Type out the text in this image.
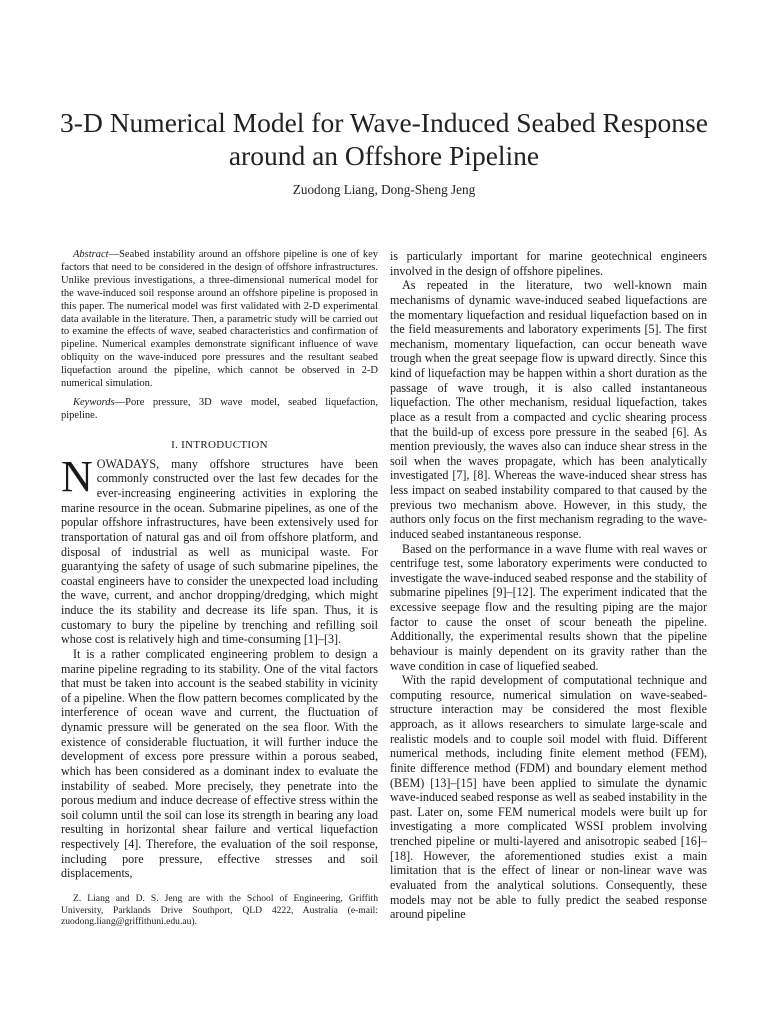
3-D Numerical Model for Wave-Induced Seabed Response around an Offshore Pipeline
Zuodong Liang, Dong-Sheng Jeng

Abstract—Seabed instability around an offshore pipeline is one of key factors that need to be considered in the design of offshore infrastructures. Unlike previous investigations, a three-dimensional numerical model for the wave-induced soil response around an offshore pipeline is proposed in this paper. The numerical model was first validated with 2-D experimental data available in the literature. Then, a parametric study will be carried out to examine the effects of wave, seabed characteristics and confirmation of pipeline. Numerical examples demonstrate significant influence of wave obliquity on the wave-induced pore pressures and the resultant seabed liquefaction around the pipeline, which cannot be observed in 2-D numerical simulation.

Keywords—Pore pressure, 3D wave model, seabed liquefaction, pipeline.

I. INTRODUCTION

NOWADAYS, many offshore structures have been commonly constructed over the last few decades for the ever-increasing engineering activities in exploring the marine resource in the ocean. Submarine pipelines, as one of the popular offshore infrastructures, have been extensively used for transportation of natural gas and oil from offshore platform, and disposal of industrial as well as municipal waste. For guarantying the safety of usage of such submarine pipelines, the coastal engineers have to consider the unexpected load including the wave, current, and anchor dropping/dredging, which might induce the its stability and decrease its life span. Thus, it is customary to bury the pipeline by trenching and refilling soil whose cost is relatively high and time-consuming [1]–[3].

It is a rather complicated engineering problem to design a marine pipeline regrading to its stability. One of the vital factors that must be taken into account is the seabed stability in vicinity of a pipeline. When the flow pattern becomes complicated by the interference of ocean wave and current, the fluctuation of dynamic pressure will be generated on the sea floor. With the existence of considerable fluctuation, it will further induce the development of excess pore pressure within a porous seabed, which has been considered as a dominant index to evaluate the instability of seabed. More precisely, they penetrate into the porous medium and induce decrease of effective stress within the soil column until the soil can lose its strength in bearing any load resulting in horizontal shear failure and vertical liquefaction respectively [4]. Therefore, the evaluation of the soil response, including pore pressure, effective stresses and soil displacements,

Z. Liang and D. S. Jeng are with the School of Engineering, Griffith University, Parklands Drive Southport, QLD 4222, Australia (e-mail: zuodong.liang@griffithuni.edu.au).

is particularly important for marine geotechnical engineers involved in the design of offshore pipelines.

As repeated in the literature, two well-known main mechanisms of dynamic wave-induced seabed liquefactions are the momentary liquefaction and residual liquefaction based on in the field measurements and laboratory experiments [5]. The first mechanism, momentary liquefaction, can occur beneath wave trough when the great seepage flow is upward directly. Since this kind of liquefaction may be happen within a short duration as the passage of wave trough, it is also called instantaneous liquefaction. The other mechanism, residual liquefaction, takes place as a result from a compacted and cyclic shearing process that the build-up of excess pore pressure in the seabed [6]. As mention previously, the waves also can induce shear stress in the soil when the waves propagate, which has been analytically investigated [7], [8]. Whereas the wave-induced shear stress has less impact on seabed instability compared to that caused by the previous two mechanism above. However, in this study, the authors only focus on the first mechanism regrading to the wave-induced seabed instantaneous response.

Based on the performance in a wave flume with real waves or centrifuge test, some laboratory experiments were conducted to investigate the wave-induced seabed response and the stability of submarine pipelines [9]–[12]. The experiment indicated that the excessive seepage flow and the resulting piping are the major factor to cause the onset of scour beneath the pipeline. Additionally, the experimental results shown that the pipeline behaviour is mainly dependent on its gravity rather than the wave condition in case of liquefied seabed.

With the rapid development of computational technique and computing resource, numerical simulation on wave-seabed-structure interaction may be considered the most flexible approach, as it allows researchers to simulate large-scale and realistic models and to couple soil model with fluid. Different numerical methods, including finite element method (FEM), finite difference method (FDM) and boundary element method (BEM) [13]–[15] have been applied to simulate the dynamic wave-induced seabed response as well as seabed instability in the past. Later on, some FEM numerical models were built up for investigating a more complicated WSSI problem involving trenched pipeline or multi-layered and anisotropic seabed [16]–[18]. However, the aforementioned studies exist a main limitation that is the effect of linear or non-linear wave was evaluated from the analytical solutions. Consequently, these models may not be able to fully predict the seabed response around pipeline
